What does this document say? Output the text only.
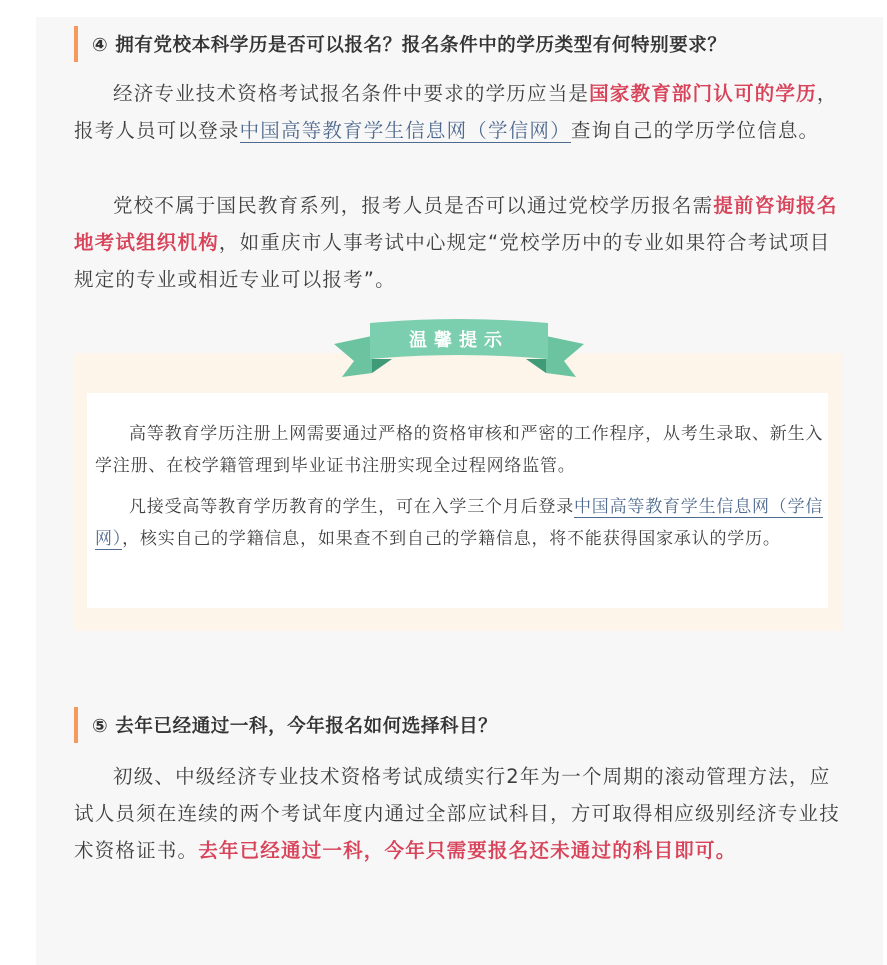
④ 拥有党校本科学历是否可以报名？报名条件中的学历类型有何特别要求？

经济专业技术资格考试报名条件中要求的学历应当是国家教育部门认可的学历，报考人员可以登录中国高等教育学生信息网（学信网）查询自己的学历学位信息。

党校不属于国民教育系列，报考人员是否可以通过党校学历报名需提前咨询报名地考试组织机构，如重庆市人事考试中心规定“党校学历中的专业如果符合考试项目规定的专业或相近专业可以报考”。

高等教育学历注册上网需要通过严格的资格审核和严密的工作程序，从考生录取、新生入学注册、在校学籍管理到毕业证书注册实现全过程网络监管。

凡接受高等教育学历教育的学生，可在入学三个月后登录中国高等教育学生信息网（学信网），核实自己的学籍信息，如果查不到自己的学籍信息，将不能获得国家承认的学历。

温馨提示
⑤ 去年已经通过一科，今年报名如何选择科目？

初级、中级经济专业技术资格考试成绩实行2年为一个周期的滚动管理方法，应试人员须在连续的两个考试年度内通过全部应试科目，方可取得相应级别经济专业技术资格证书。去年已经通过一科，今年只需要报名还未通过的科目即可。
